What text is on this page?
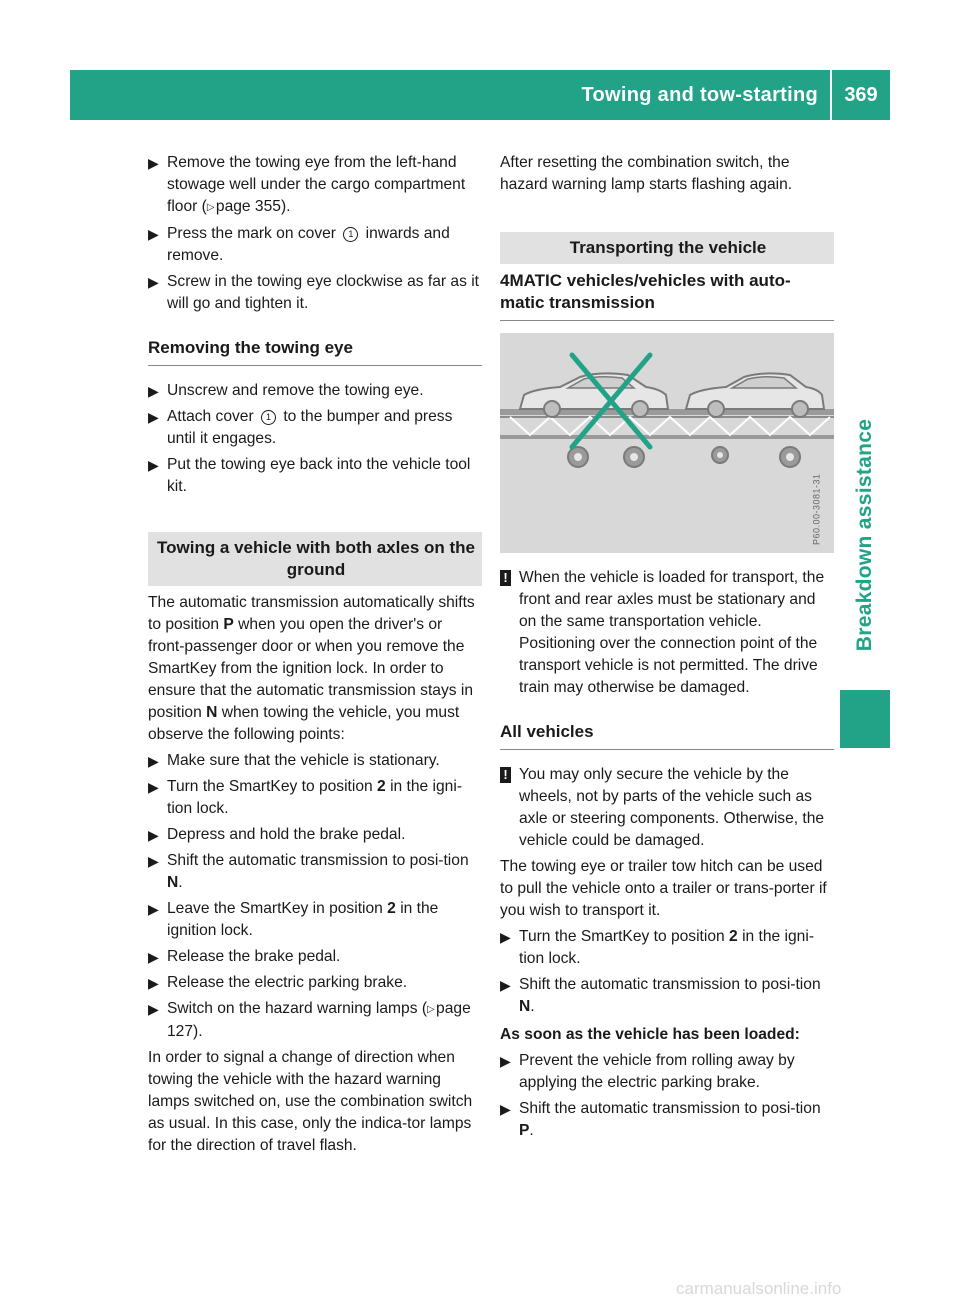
Towing and tow-starting	369
Breakdown assistance
▶ Remove the towing eye from the left-hand stowage well under the cargo compartment floor (▷ page 355).
▶ Press the mark on cover 1 inwards and remove.
▶ Screw in the towing eye clockwise as far as it will go and tighten it.
Removing the towing eye
▶ Unscrew and remove the towing eye.
▶ Attach cover 1 to the bumper and press until it engages.
▶ Put the towing eye back into the vehicle tool kit.
Towing a vehicle with both axles on the ground
The automatic transmission automatically shifts to position P when you open the driver's or front-passenger door or when you remove the SmartKey from the ignition lock. In order to ensure that the automatic transmission stays in position N when towing the vehicle, you must observe the following points:
▶ Make sure that the vehicle is stationary.
▶ Turn the SmartKey to position 2 in the igni-tion lock.
▶ Depress and hold the brake pedal.
▶ Shift the automatic transmission to posi-tion N.
▶ Leave the SmartKey in position 2 in the ignition lock.
▶ Release the brake pedal.
▶ Release the electric parking brake.
▶ Switch on the hazard warning lamps (▷ page 127).
In order to signal a change of direction when towing the vehicle with the hazard warning lamps switched on, use the combination switch as usual. In this case, only the indica-tor lamps for the direction of travel flash.
After resetting the combination switch, the hazard warning lamp starts flashing again.
Transporting the vehicle
4MATIC vehicles/vehicles with auto-matic transmission
P60.00-3081-31
! When the vehicle is loaded for transport, the front and rear axles must be stationary and on the same transportation vehicle. Positioning over the connection point of the transport vehicle is not permitted. The drive train may otherwise be damaged.
All vehicles
! You may only secure the vehicle by the wheels, not by parts of the vehicle such as axle or steering components. Otherwise, the vehicle could be damaged.
The towing eye or trailer tow hitch can be used to pull the vehicle onto a trailer or trans-porter if you wish to transport it.
▶ Turn the SmartKey to position 2 in the igni-tion lock.
▶ Shift the automatic transmission to posi-tion N.
As soon as the vehicle has been loaded:
▶ Prevent the vehicle from rolling away by applying the electric parking brake.
▶ Shift the automatic transmission to posi-tion P.
carmanualsonline.info
